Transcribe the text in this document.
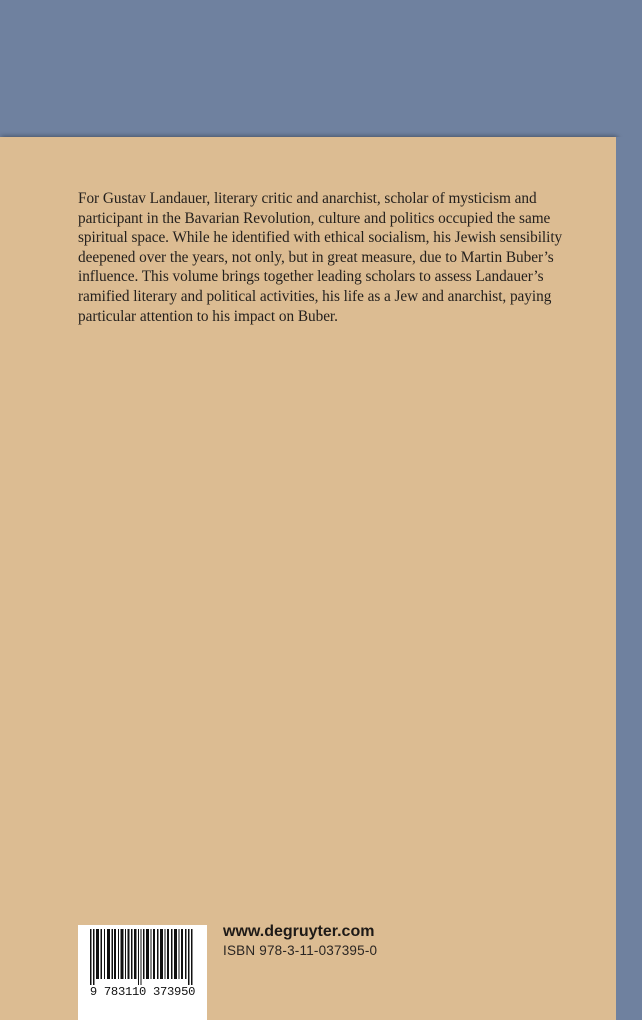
For Gustav Landauer, literary critic and anarchist, scholar of mysticism and participant in the Bavarian Revolution, culture and politics occupied the same spiritual space. While he identified with ethical socialism, his Jewish sensibility deepened over the years, not only, but in great measure, due to Martin Buber’s influence. This volume brings together leading scholars to assess Landauer’s ramified literary and political activities, his life as a Jew and anarchist, paying particular attention to his impact on Buber.

9 783110 373950
www.degruyter.com
ISBN 978-3-11-037395-0
